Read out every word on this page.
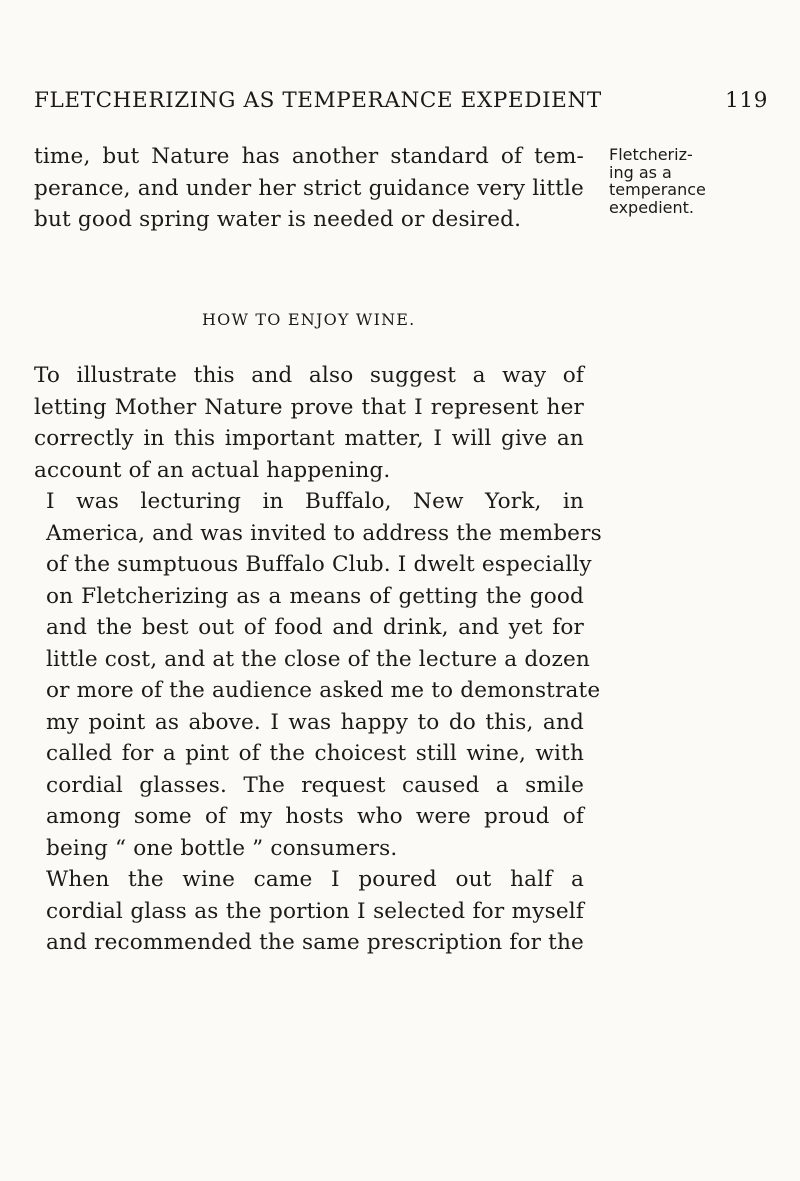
FLETCHERIZING AS TEMPERANCE EXPEDIENT	119

time, but Nature has another standard of tem-
perance, and under her strict guidance very little
but good spring water is needed or desired.

Fletcheriz-
ing as a
temperance
expedient.
HOW TO ENJOY WINE.

To illustrate this and also suggest a way of
letting Mother Nature prove that I represent her
correctly in this important matter, I will give an
account of an actual happening.

I was lecturing in Buffalo, New York, in
America, and was invited to address the members
of the sumptuous Buffalo Club. I dwelt especially
on Fletcherizing as a means of getting the good
and the best out of food and drink, and yet for
little cost, and at the close of the lecture a dozen
or more of the audience asked me to demonstrate
my point as above. I was happy to do this, and
called for a pint of the choicest still wine, with
cordial glasses. The request caused a smile
among some of my hosts who were proud of
being “ one bottle ” consumers.

When the wine came I poured out half a
cordial glass as the portion I selected for myself
and recommended the same prescription for the
